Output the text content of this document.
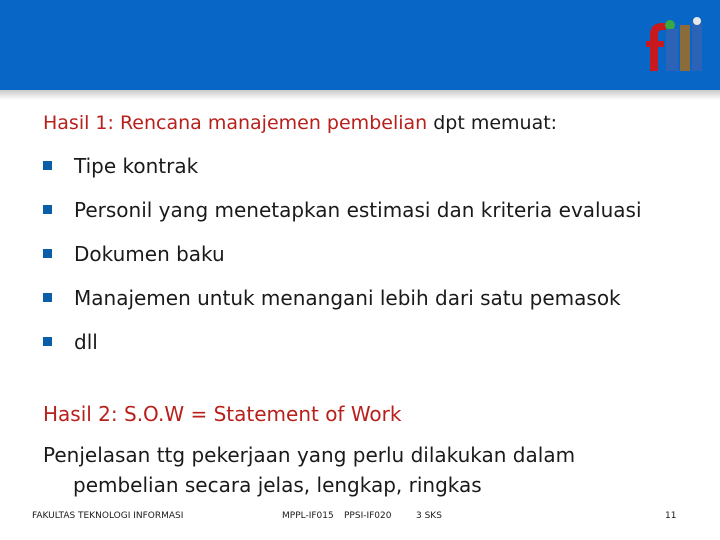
Hasil 1: Rencana manajemen pembelian dpt memuat:
Tipe kontrak
Personil yang menetapkan estimasi dan kriteria evaluasi
Dokumen baku
Manajemen untuk menangani lebih dari satu pemasok
dll
Hasil 2: S.O.W = Statement of Work
Penjelasan ttg pekerjaan yang perlu dilakukan dalam
pembelian secara jelas, lengkap, ringkas
FAKULTAS TEKNOLOGI INFORMASI	MPPL-IF015 PPSI-IF020	3 SKS	11
